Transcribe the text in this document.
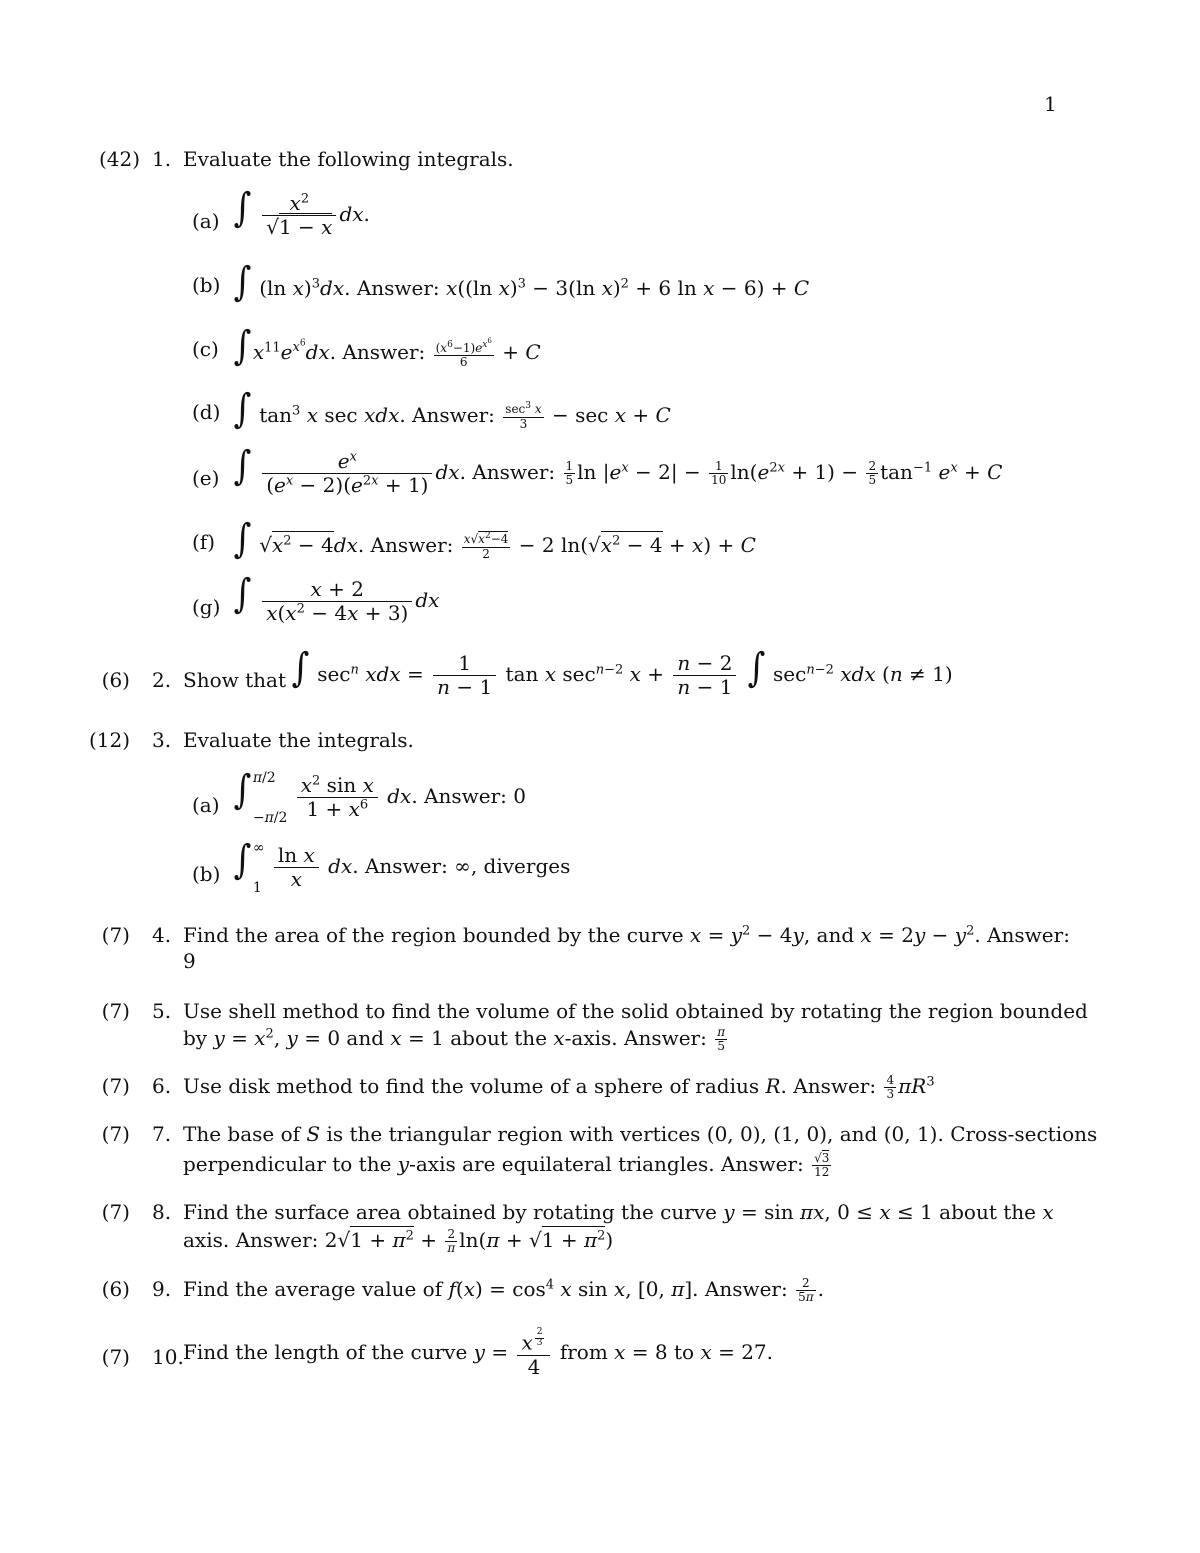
1
(42) 1. Evaluate the following integrals.
(a) ∫ $\frac{x^2}{√1 - x}$ dx.
(b) ∫ (ln x)$^3$dx. Answer: x((ln x)$^3$ − 3(ln x)$^2$ + 6 ln x − 6) + C
(c) $\int x^{11}e^{x^6}dx$. Answer: $\frac{(x^6-1)e^{x^6}}{6} + C$
(d) ∫ $\tan^3 x$ sec xdx. Answer: $\sec^3 x$
3 − sec x + C
(e) ∫ $\frac{e^x}{(e^x - 2)(e^{2x} + 1)}$ dx. Answer: $\frac{1}{5}$ $\ln |e^x - 2| - \frac{1}{10} \ln(e^{2x} + 1) - \frac{2}{5} \tan^{-1} e^x + C$
(f) ∫ $√x^2 - 4dx$. Answer: $\frac{x√x^2-4}{2} - 2$ $\ln(√x^2 - 4 + x) + C$
(g) ∫ $\frac{x + 2}{x(x^2 - 4x + 3)}$ dx
(6) 2. Show that ∫ $\sec^n$ xdx = $\frac{1}{n - 1}$ tan x $\sec^{n-2} x + \frac{n - 2}{n - 1}$ ∫ $\sec^{n-2}$ xdx (n ≠ 1)
(12) 3. Evaluate the integrals.
(a) ∫ π/2
−π/2
$\frac{x^2 \sin x}{1 + x^6}$ dx. Answer: 0
(b) ∫ ∞
1
$\frac{\text{ln x}}{x}$ dx. Answer: ∞, diverges
(7) 4. Find the area of the region bounded by the curve $x = y^2 - 4y$, and $x = 2y - y^2$. Answer:
9
(7) 5. Use shell method to find the volume of the solid obtained by rotating the region bounded
by $y = x^2$, y = 0 and x = 1 about the x-axis. Answer: $\frac{\pi}{5}$
(7) 6. Use disk method to find the volume of a sphere of radius R. Answer: $\frac{4}{3} \pi R^3$
(7) 7. The base of S is the triangular region with vertices (0, 0), (1, 0), and (0, 1). Cross-sections
perpendicular to the y-axis are equilateral triangles. Answer: $\frac{√3}{12}$
(7) 8. Find the surface area obtained by rotating the curve y = sin πx, 0 ≤ x ≤ 1 about the x
axis. Answer: $2√1 + \pi^2 + \frac{2}{\pi} \ln(\pi + √1 + \pi^2)$
(6) 9. Find the average value of $f(x) = \cos^4 x$ sin x, [0, π]. Answer: $\frac{2}{5\pi}$ .
(7) 10. Find the length of the curve y = x $^{\frac{2}{3}}$
4 from x = 8 to x = 27.
